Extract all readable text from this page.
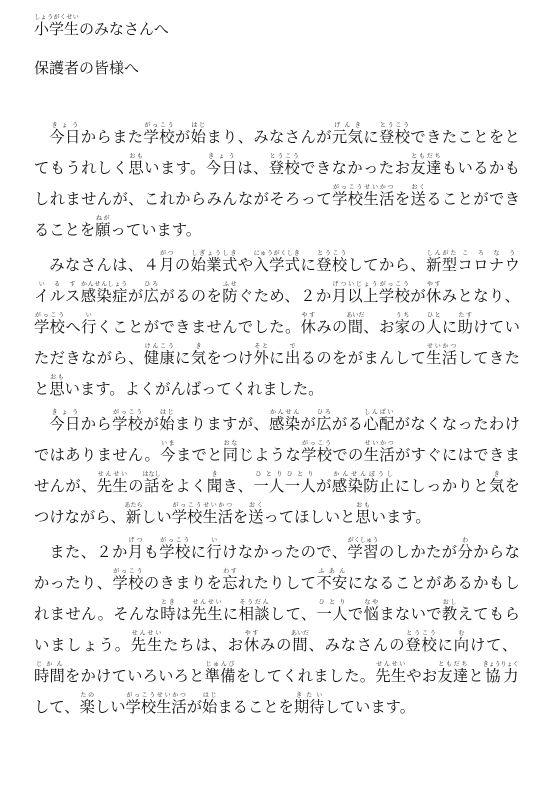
小学生しょうがくせいのみなさんへ

保護者の皆様へ

今日きょうからまた学校がっこうが始はじまり、みなさんが元気げんきに登校とうこうできたことをとてもうれしく思おもいます。今日きょうは、登校とうこうできなかったお友達ともだちもいるかもしれませんが、これからみんながそろって学校生活がっこうせいかつを送おくることができることを願ねがっています。

みなさんは、４月がつの始業式しぎょうしきや入学式にゅうがくしきに登校とうこうしてから、新型しんがたコロナウイルスころなういるす感染症かんせんしょうが広ひろがるのを防ふせぐため、２か月以上げついじょう学校がっこうが休やすみとなり、学校がっこうへ行いくことができませんでした。休やすみの間あいだ、お家うちの人ひとに助たすけていただきながら、健康けんこうに気きをつけ外そとに出でるのをがまんして生活せいかつしてきたと思おもいます。よくがんばってくれました。

今日きょうから学校がっこうが始はじまりますが、感染かんせんが広ひろがる心配しんぱいがなくなったわけではありません。今いままでと同おなじような学校がっこうでの生活せいかつがすぐにはできませんが、先生せんせいの話はなしをよく聞きき、一人一人ひとりひとりが感染防止かんせんぼうしにしっかりと気きをつけながら、新あたらしい学校生活がっこうせいかつを送おくってほしいと思おもいます。

また、２か月げつも学校がっこうに行いけなかったので、学習がくしゅうのしかたが分わからなかったり、学校がっこうのきまりを忘わすれたりして不安ふあんになることがあるかもしれません。そんな時ときは先生せんせいに相談そうだんして、一人ひとりで悩なやまないで教おしえてもらいましょう。先生せんせいたちは、お休やすみの間あいだ、みなさんの登校とうこうに向むけて、時間じかんをかけていろいろと準備じゅんびをしてくれました。先生せんせいやお友達ともだちと協力きょうりょくして、楽たのしい学校生活がっこうせいかつが始はじまることを期待きたいしています。
